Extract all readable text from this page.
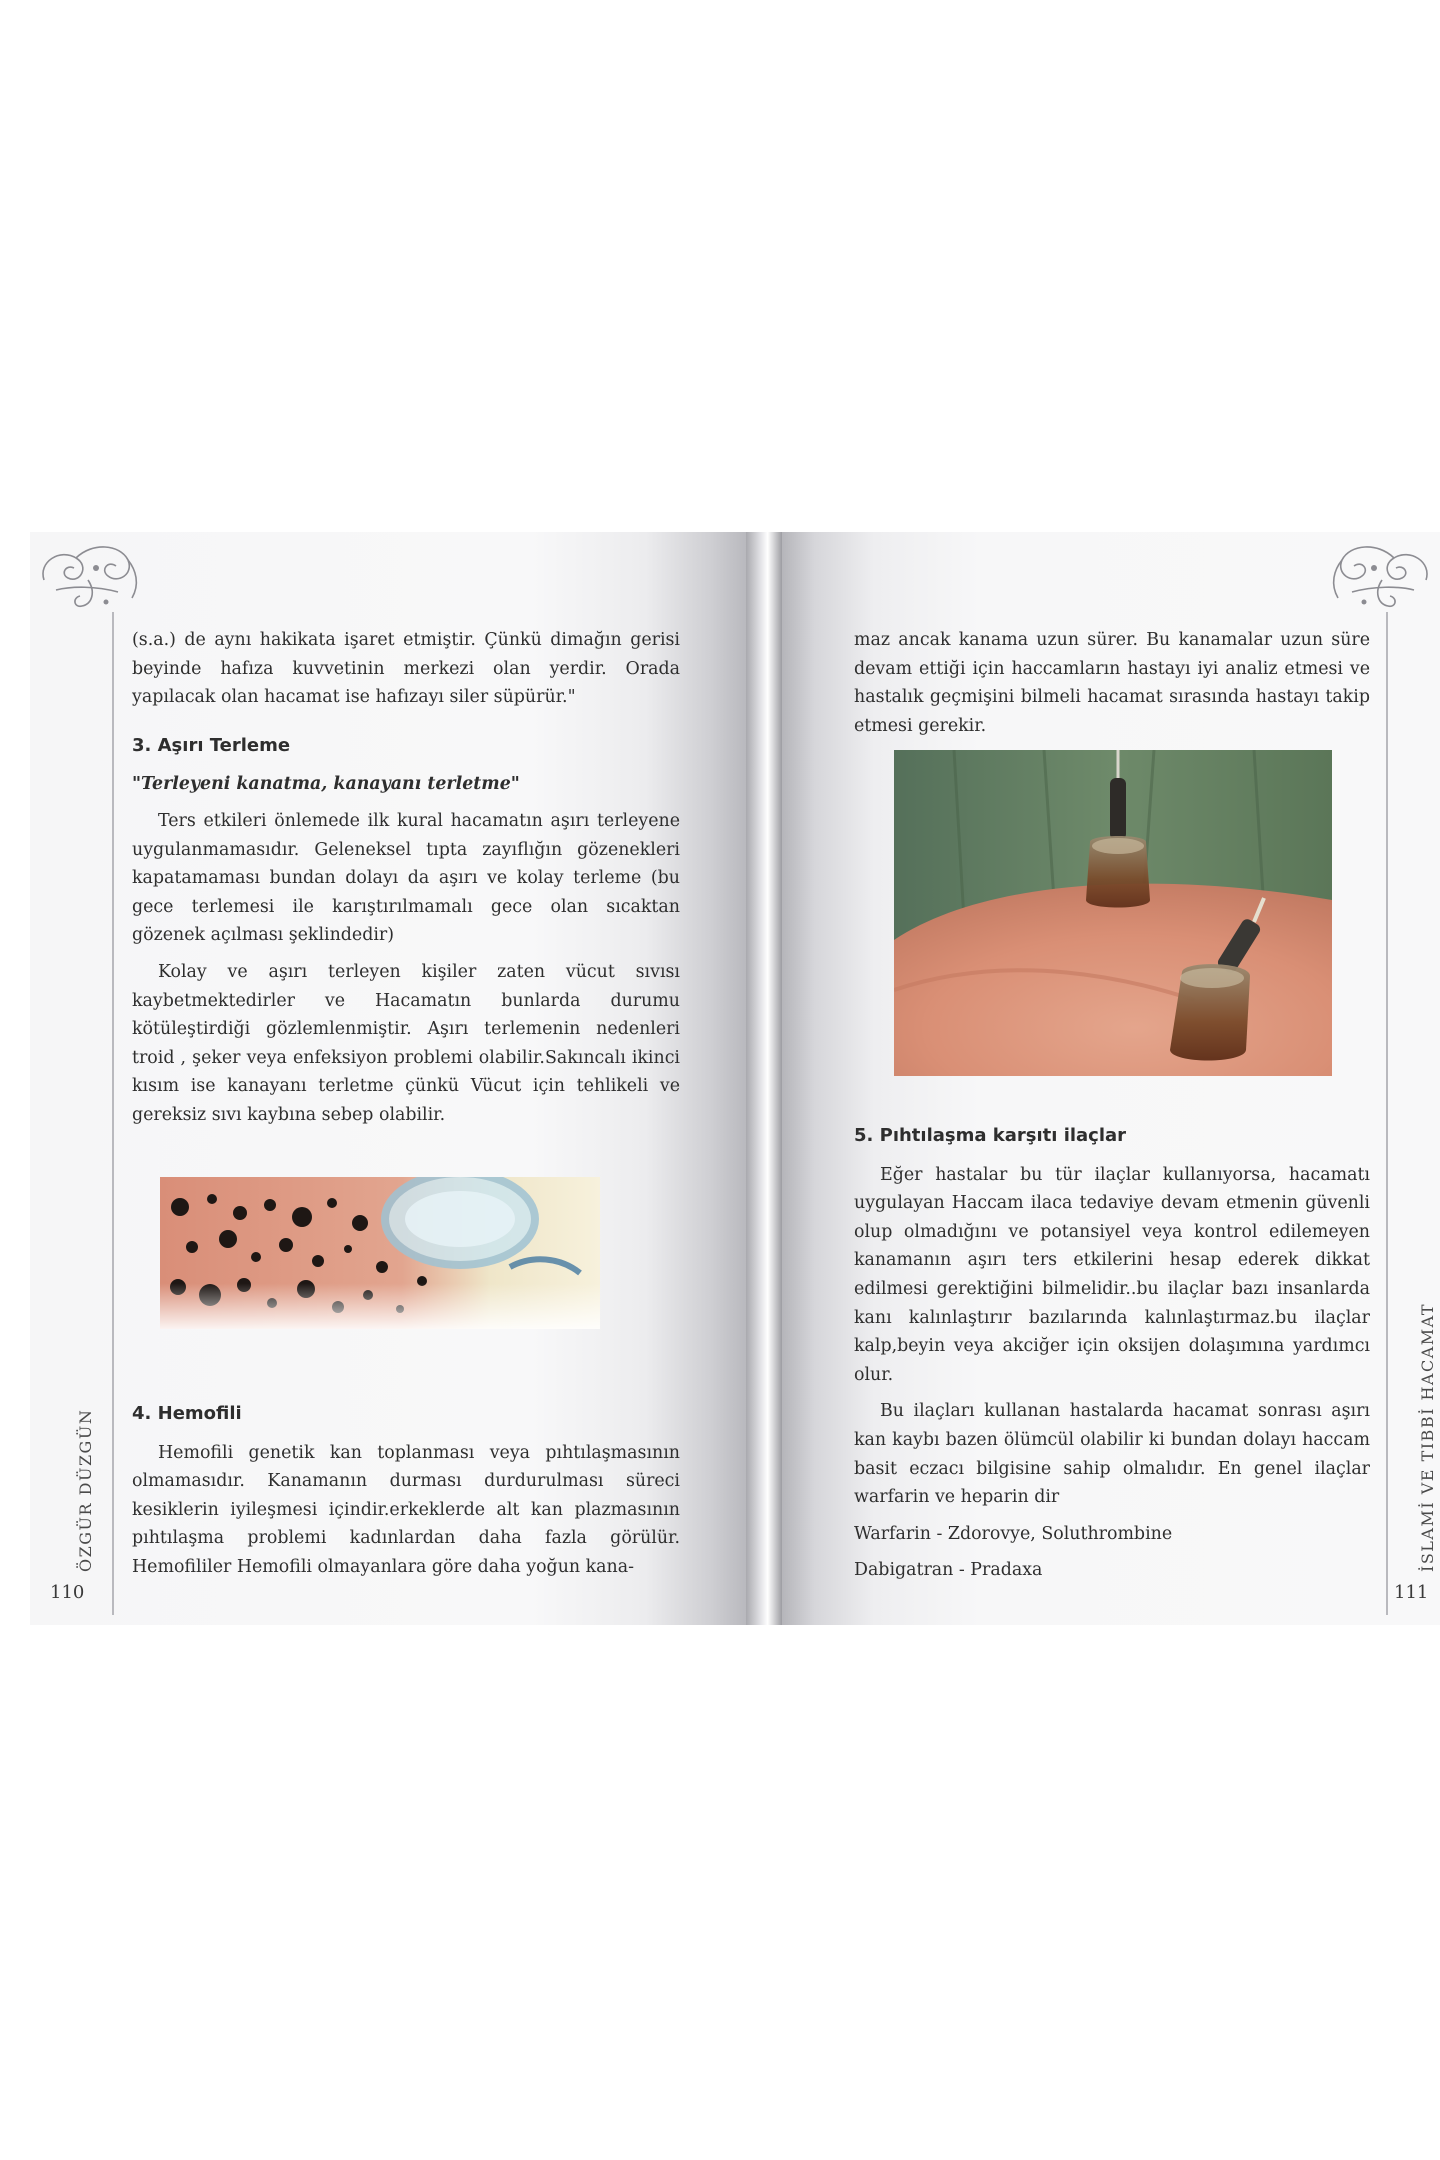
(s.a.) de aynı hakikata işaret etmiştir. Çünkü dimağın gerisi beyinde hafıza kuvvetinin merkezi olan yerdir. Orada yapılacak olan hacamat ise hafızayı siler süpürür."

3. Aşırı Terleme

"Terleyeni kanatma, kanayanı terletme"

Ters etkileri önlemede ilk kural hacamatın aşırı terleyene uygulanmamasıdır. Geleneksel tıpta zayıflığın gözenekleri kapatamaması bundan dolayı da aşırı ve kolay terleme (bu gece terlemesi ile karıştırılmamalı gece olan sıcaktan gözenek açılması şeklindedir)

Kolay ve aşırı terleyen kişiler zaten vücut sıvısı kaybetmektedirler ve Hacamatın bunlarda durumu kötüleştirdiği gözlemlenmiştir. Aşırı terlemenin nedenleri troid , şeker veya enfeksiyon problemi olabilir.Sakıncalı ikinci kısım ise kanayanı terletme çünkü Vücut için tehlikeli ve gereksiz sıvı kaybına sebep olabilir.

4. Hemofili

Hemofili genetik kan toplanması veya pıhtılaşmasının olmamasıdır. Kanamanın durması durdurulması süreci kesiklerin iyileşmesi içindir.erkeklerde alt kan plazmasının pıhtılaşma problemi kadınlardan daha fazla görülür. Hemofililer Hemofili olmayanlara göre daha yoğun kana-

ÖZGÜR DÜZGÜN
110

maz ancak kanama uzun sürer. Bu kanamalar uzun süre devam ettiği için haccamların hastayı iyi analiz etmesi ve hastalık geçmişini bilmeli hacamat sırasında hastayı takip etmesi gerekir.

5. Pıhtılaşma karşıtı ilaçlar

Eğer hastalar bu tür ilaçlar kullanıyorsa, hacamatı uygulayan Haccam ilaca tedaviye devam etmenin güvenli olup olmadığını ve potansiyel veya kontrol edilemeyen kanamanın aşırı ters etkilerini hesap ederek dikkat edilmesi gerektiğini bilmelidir..bu ilaçlar bazı insanlarda kanı kalınlaştırır bazılarında kalınlaştırmaz.bu ilaçlar kalp,beyin veya akciğer için oksijen dolaşımına yardımcı olur.

Bu ilaçları kullanan hastalarda hacamat sonrası aşırı kan kaybı bazen ölümcül olabilir ki bundan dolayı haccam basit eczacı bilgisine sahip olmalıdır. En genel ilaçlar warfarin ve heparin dir

Warfarin - Zdorovye, Soluthrombine

Dabigatran - Pradaxa	İSLAMİ VE TIBBİ HACAMAT
111
